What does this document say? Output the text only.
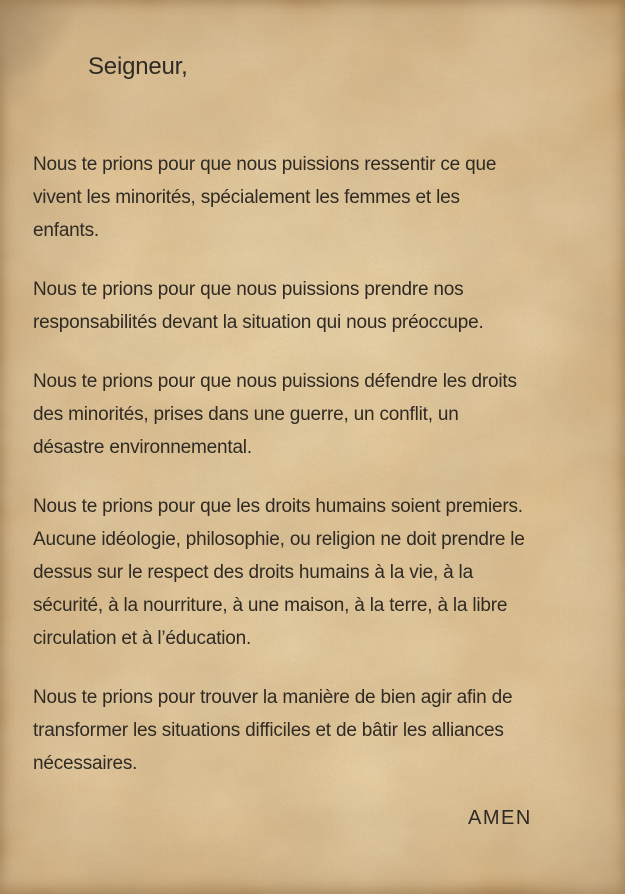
Seigneur,
Nous te prions pour que nous puissions ressentir ce que
vivent les minorités, spécialement les femmes et les
enfants.
Nous te prions pour que nous puissions prendre nos
responsabilités devant la situation qui nous préoccupe.
Nous te prions pour que nous puissions défendre les droits
des minorités, prises dans une guerre, un conflit, un
désastre environnemental.
Nous te prions pour que les droits humains soient premiers.
Aucune idéologie, philosophie, ou religion ne doit prendre le
dessus sur le respect des droits humains à la vie, à la
sécurité, à la nourriture, à une maison, à la terre, à la libre
circulation et à l’éducation.
Nous te prions pour trouver la manière de bien agir afin de
transformer les situations difficiles et de bâtir les alliances
nécessaires.
AMEN
